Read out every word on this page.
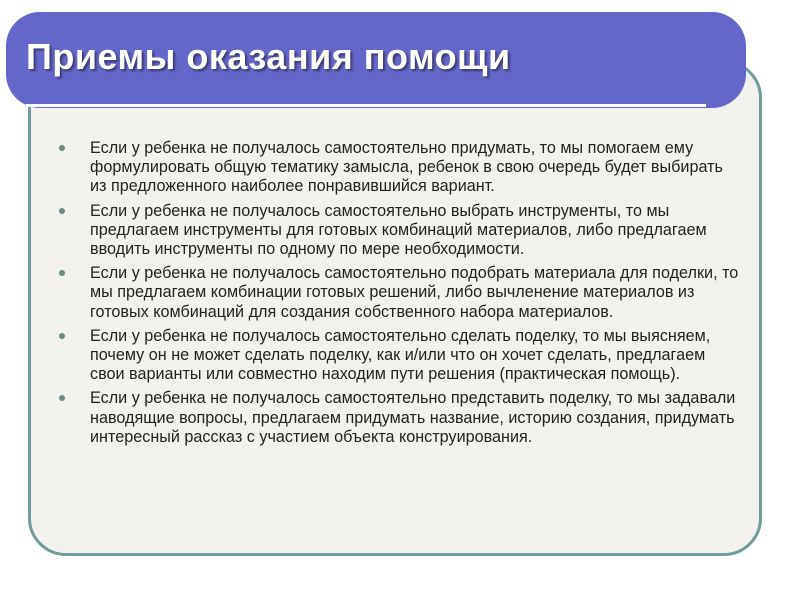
Приемы оказания помощи
Если у ребенка не получалось самостоятельно придумать, то мы помогаем ему формулировать общую тематику замысла, ребенок в свою очередь будет выбирать из предложенного наиболее понравившийся вариант.
Если у ребенка не получалось самостоятельно выбрать инструменты, то мы предлагаем инструменты для готовых комбинаций материалов, либо предлагаем вводить инструменты по одному по мере необходимости.
Если у ребенка не получалось самостоятельно подобрать материала для поделки, то мы предлагаем комбинации готовых решений, либо вычленение материалов из готовых комбинаций для создания собственного набора материалов.
Если у ребенка не получалось самостоятельно сделать поделку, то мы выясняем, почему он не может сделать поделку, как и/или что он хочет сделать, предлагаем свои варианты или совместно находим пути решения (практическая помощь).
Если у ребенка не получалось самостоятельно представить поделку, то мы задавали наводящие вопросы, предлагаем придумать название, историю создания, придумать интересный рассказ с участием объекта конструирования.
